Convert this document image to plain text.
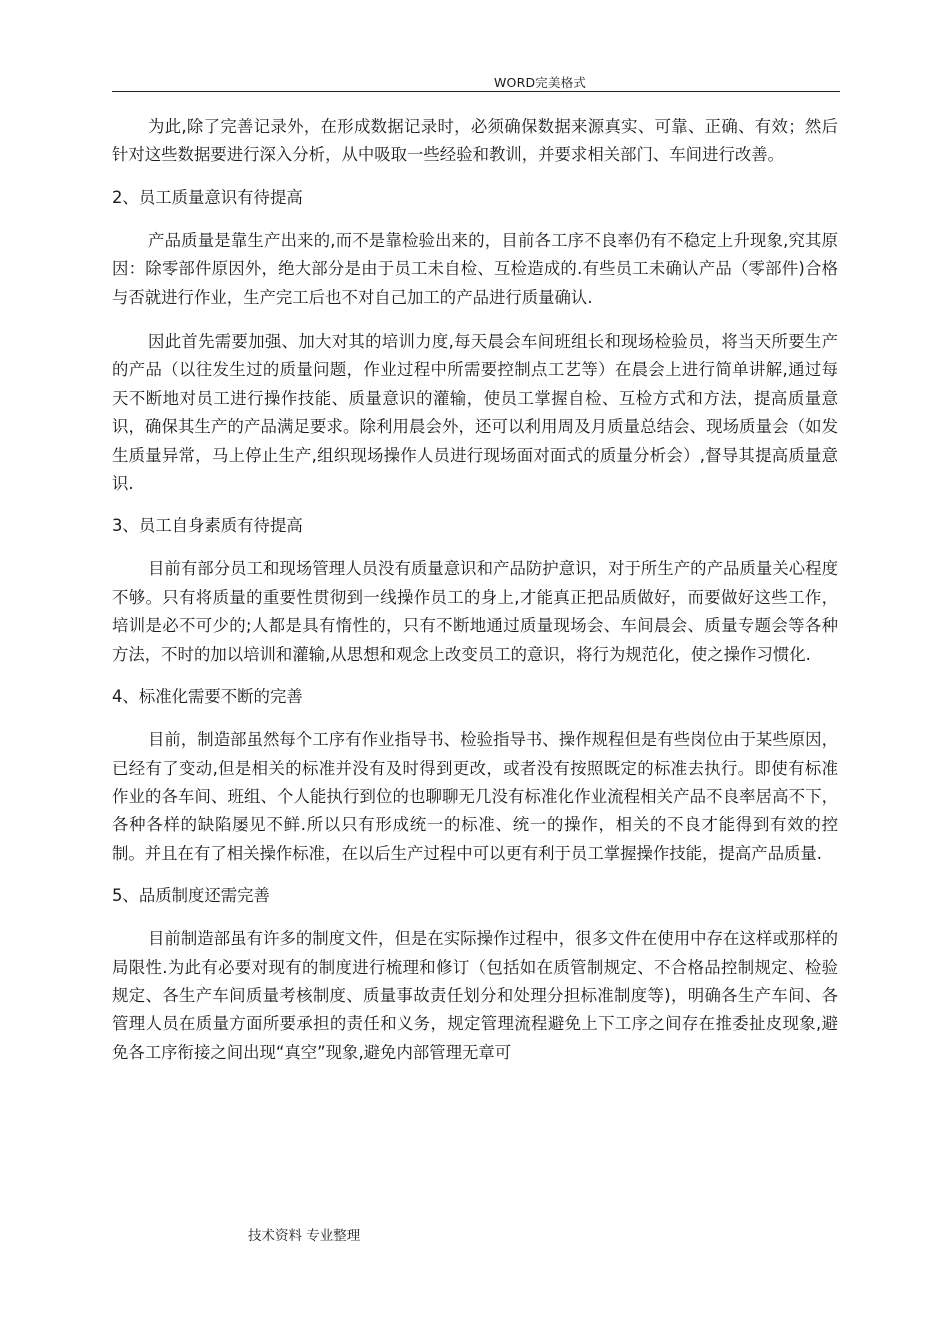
WORD完美格式

为此,除了完善记录外，在形成数据记录时，必须确保数据来源真实、可靠、正确、有效；然后针对这些数据要进行深入分析，从中吸取一些经验和教训，并要求相关部门、车间进行改善。

2、员工质量意识有待提高

产品质量是靠生产出来的,而不是靠检验出来的，目前各工序不良率仍有不稳定上升现象,究其原因：除零部件原因外，绝大部分是由于员工未自检、互检造成的.有些员工未确认产品（零部件)合格与否就进行作业，生产完工后也不对自己加工的产品进行质量确认.

因此首先需要加强、加大对其的培训力度,每天晨会车间班组长和现场检验员，将当天所要生产的产品（以往发生过的质量问题，作业过程中所需要控制点工艺等）在晨会上进行简单讲解,通过每天不断地对员工进行操作技能、质量意识的灌输，使员工掌握自检、互检方式和方法，提高质量意识，确保其生产的产品满足要求。除利用晨会外，还可以利用周及月质量总结会、现场质量会（如发生质量异常，马上停止生产,组织现场操作人员进行现场面对面式的质量分析会）,督导其提高质量意识.

3、员工自身素质有待提高

目前有部分员工和现场管理人员没有质量意识和产品防护意识，对于所生产的产品质量关心程度不够。只有将质量的重要性贯彻到一线操作员工的身上,才能真正把品质做好，而要做好这些工作，培训是必不可少的;人都是具有惰性的，只有不断地通过质量现场会、车间晨会、质量专题会等各种方法，不时的加以培训和灌输,从思想和观念上改变员工的意识，将行为规范化，使之操作习惯化.

4、标准化需要不断的完善

目前，制造部虽然每个工序有作业指导书、检验指导书、操作规程但是有些岗位由于某些原因，已经有了变动,但是相关的标准并没有及时得到更改，或者没有按照既定的标准去执行。即使有标准作业的各车间、班组、个人能执行到位的也聊聊无几没有标准化作业流程相关产品不良率居高不下，各种各样的缺陷屡见不鲜.所以只有形成统一的标准、统一的操作，相关的不良才能得到有效的控制。并且在有了相关操作标准，在以后生产过程中可以更有利于员工掌握操作技能，提高产品质量.

5、品质制度还需完善

目前制造部虽有许多的制度文件，但是在实际操作过程中，很多文件在使用中存在这样或那样的局限性.为此有必要对现有的制度进行梳理和修订（包括如在质管制规定、不合格品控制规定、检验规定、各生产车间质量考核制度、质量事故责任划分和处理分担标准制度等)，明确各生产车间、各管理人员在质量方面所要承担的责任和义务，规定管理流程避免上下工序之间存在推委扯皮现象,避免各工序衔接之间出现“真空”现象,避免内部管理无章可

技术资料 专业整理
